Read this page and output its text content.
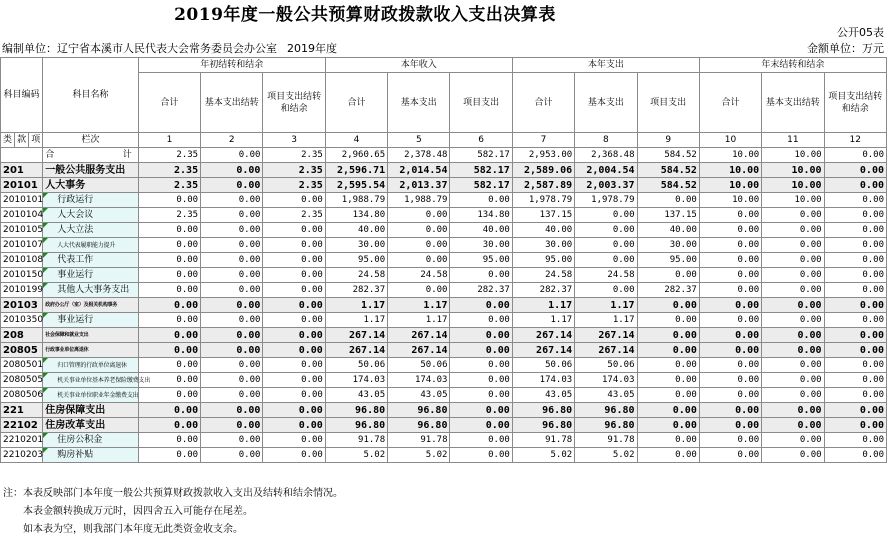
2019年度一般公共预算财政拨款收入支出决算表
公开05表
编制单位：辽宁省本溪市人民代表大会常务委员会办公室 2019年度	金额单位：万元
科目编码			科目名称	年初结转和结余			本年收入			本年支出			年末结转和结余		
				合计	基本支出结转	项目支出结转和结余	合计	基本支出	项目支出	合计	基本支出	项目支出	合计	基本支出结转	项目支出结转和结余
类	款	项	栏次	1	2	3	4	5	6	7	8	9	10	11	12
			合 计	2.35	0.00	2.35	2,960.65	2,378.48	582.17	2,953.00	2,368.48	584.52	10.00	10.00	0.00
201			一般公共服务支出	2.35	0.00	2.35	2,596.71	2,014.54	582.17	2,589.06	2,004.54	584.52	10.00	10.00	0.00
20101			人大事务	2.35	0.00	2.35	2,595.54	2,013.37	582.17	2,587.89	2,003.37	584.52	10.00	10.00	0.00
2010101			行政运行	0.00	0.00	0.00	1,988.79	1,988.79	0.00	1,978.79	1,978.79	0.00	10.00	10.00	0.00
2010104			人大会议	2.35	0.00	2.35	134.80	0.00	134.80	137.15	0.00	137.15	0.00	0.00	0.00
2010105			人大立法	0.00	0.00	0.00	40.00	0.00	40.00	40.00	0.00	40.00	0.00	0.00	0.00
2010107			人大代表履职能力提升	0.00	0.00	0.00	30.00	0.00	30.00	30.00	0.00	30.00	0.00	0.00	0.00
2010108			代表工作	0.00	0.00	0.00	95.00	0.00	95.00	95.00	0.00	95.00	0.00	0.00	0.00
2010150			事业运行	0.00	0.00	0.00	24.58	24.58	0.00	24.58	24.58	0.00	0.00	0.00	0.00
2010199			其他人大事务支出	0.00	0.00	0.00	282.37	0.00	282.37	282.37	0.00	282.37	0.00	0.00	0.00
20103			政府办公厅（室）及相关机构事务	0.00	0.00	0.00	1.17	1.17	0.00	1.17	1.17	0.00	0.00	0.00	0.00
2010350			事业运行	0.00	0.00	0.00	1.17	1.17	0.00	1.17	1.17	0.00	0.00	0.00	0.00
208			社会保障和就业支出	0.00	0.00	0.00	267.14	267.14	0.00	267.14	267.14	0.00	0.00	0.00	0.00
20805			行政事业单位离退休	0.00	0.00	0.00	267.14	267.14	0.00	267.14	267.14	0.00	0.00	0.00	0.00
2080501			归口管理的行政单位离退休	0.00	0.00	0.00	50.06	50.06	0.00	50.06	50.06	0.00	0.00	0.00	0.00
2080505			机关事业单位基本养老保险缴费支出	0.00	0.00	0.00	174.03	174.03	0.00	174.03	174.03	0.00	0.00	0.00	0.00
2080506			机关事业单位职业年金缴费支出	0.00	0.00	0.00	43.05	43.05	0.00	43.05	43.05	0.00	0.00	0.00	0.00
221			住房保障支出	0.00	0.00	0.00	96.80	96.80	0.00	96.80	96.80	0.00	0.00	0.00	0.00
22102			住房改革支出	0.00	0.00	0.00	96.80	96.80	0.00	96.80	96.80	0.00	0.00	0.00	0.00
2210201			住房公积金	0.00	0.00	0.00	91.78	91.78	0.00	91.78	91.78	0.00	0.00	0.00	0.00
2210203			购房补贴	0.00	0.00	0.00	5.02	5.02	0.00	5.02	5.02	0.00	0.00	0.00	0.00
注：本表反映部门本年度一般公共预算财政拨款收入支出及结转和结余情况。
本表金额转换成万元时，因四舍五入可能存在尾差。
如本表为空，则我部门本年度无此类资金收支余。
